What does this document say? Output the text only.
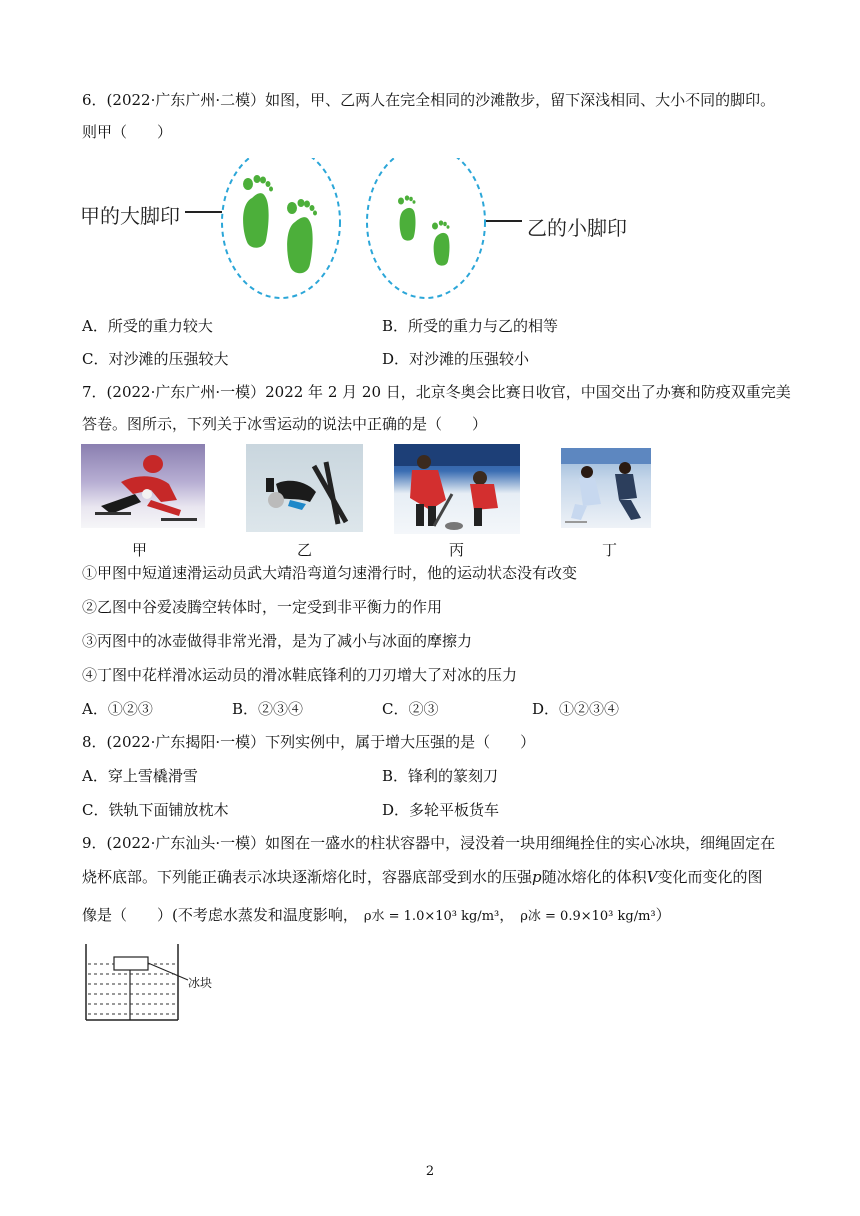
6．(2022·广东广州·二模）如图，甲、乙两人在完全相同的沙滩散步，留下深浅相同、大小不同的脚印。
则甲（　　）
甲的大脚印	乙的小脚印
A．所受的重力较大	B．所受的重力与乙的相等
C．对沙滩的压强较大	D．对沙滩的压强较小
7．(2022·广东广州·一模）2022 年 2 月 20 日，北京冬奥会比赛日收官，中国交出了办赛和防疫双重完美
答卷。图所示，下列关于冰雪运动的说法中正确的是（　　）
甲	乙	丙	丁
①甲图中短道速滑运动员武大靖沿弯道匀速滑行时，他的运动状态没有改变
②乙图中谷爱凌腾空转体时，一定受到非平衡力的作用
③丙图中的冰壶做得非常光滑，是为了减小与冰面的摩擦力
④丁图中花样滑冰运动员的滑冰鞋底锋利的刀刃增大了对冰的压力
A．①②③	B．②③④	C．②③	D．①②③④
8．(2022·广东揭阳·一模）下列实例中，属于增大压强的是（　　）
A．穿上雪橇滑雪	B．锋利的篆刻刀
C．铁轨下面铺放枕木	D．多轮平板货车
9．(2022·广东汕头·一模）如图在一盛水的柱状容器中，浸没着一块用细绳拴住的实心冰块，细绳固定在
烧杯底部。下列能正确表示冰块逐渐熔化时，容器底部受到水的压强p随冰熔化的体积V变化而变化的图
像是（　　）(不考虑水蒸发和温度影响， ρ水 = 1.0×10³ kg/m³， ρ冰 = 0.9×10³ kg/m³）
冰块
2
